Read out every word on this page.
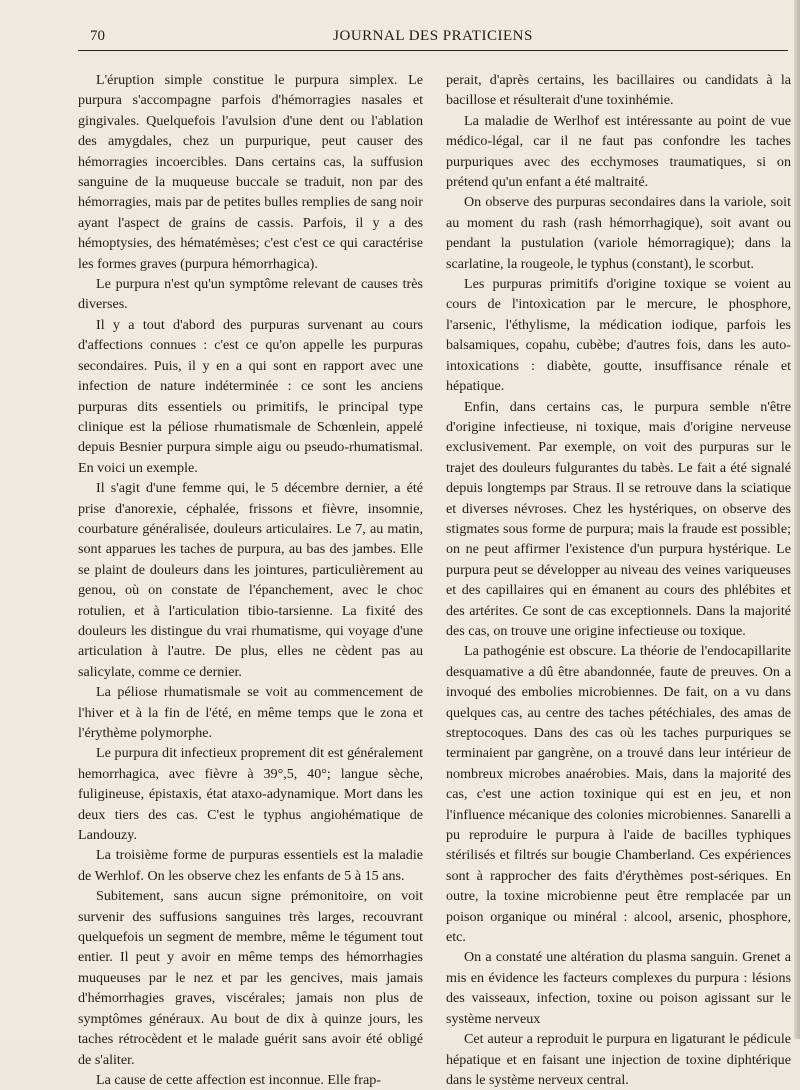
70	JOURNAL DES PRATICIENS

L'éruption simple constitue le purpura simplex. Le purpura s'accompagne parfois d'hémorragies nasales et gingivales. Quelquefois l'avulsion d'une dent ou l'ablation des amygdales, chez un purpurique, peut causer des hémorragies incoercibles. Dans certains cas, la suffusion sanguine de la muqueuse buccale se traduit, non par des hémorragies, mais par de petites bulles remplies de sang noir ayant l'aspect de grains de cassis. Parfois, il y a des hémoptysies, des hématémèses; c'est c'est ce qui caractérise les formes graves (purpura hémorrhagica).

Le purpura n'est qu'un symptôme relevant de causes très diverses.

Il y a tout d'abord des purpuras survenant au cours d'affections connues : c'est ce qu'on appelle les purpuras secondaires. Puis, il y en a qui sont en rapport avec une infection de nature indéterminée : ce sont les anciens purpuras dits essentiels ou primitifs, le principal type clinique est la péliose rhumatismale de Schœnlein, appelé depuis Besnier purpura simple aigu ou pseudo-rhumatismal. En voici un exemple.

Il s'agit d'une femme qui, le 5 décembre dernier, a été prise d'anorexie, céphalée, frissons et fièvre, insomnie, courbature généralisée, douleurs articulaires. Le 7, au matin, sont apparues les taches de purpura, au bas des jambes. Elle se plaint de douleurs dans les jointures, particulièrement au genou, où on constate de l'épanchement, avec le choc rotulien, et à l'articulation tibio-tarsienne. La fixité des douleurs les distingue du vrai rhumatisme, qui voyage d'une articulation à l'autre. De plus, elles ne cèdent pas au salicylate, comme ce dernier.

La péliose rhumatismale se voit au commencement de l'hiver et à la fin de l'été, en même temps que le zona et l'érythème polymorphe.

Le purpura dit infectieux proprement dit est généralement hemorrhagica, avec fièvre à 39°,5, 40°; langue sèche, fuligineuse, épistaxis, état ataxo-adynamique. Mort dans les deux tiers des cas. C'est le typhus angiohématique de Landouzy.

La troisième forme de purpuras essentiels est la maladie de Werhlof. On les observe chez les enfants de 5 à 15 ans.

Subitement, sans aucun signe prémonitoire, on voit survenir des suffusions sanguines très larges, recouvrant quelquefois un segment de membre, même le tégument tout entier. Il peut y avoir en même temps des hémorrhagies muqueuses par le nez et par les gencives, mais jamais d'hémorrhagies graves, viscérales; jamais non plus de symptômes généraux. Au bout de dix à quinze jours, les taches rétrocèdent et le malade guérit sans avoir été obligé de s'aliter.

La cause de cette affection est inconnue. Elle frap-

perait, d'après certains, les bacillaires ou candidats à la bacillose et résulterait d'une toxinhémie.

La maladie de Werlhof est intéressante au point de vue médico-légal, car il ne faut pas confondre les taches purpuriques avec des ecchymoses traumatiques, si on prétend qu'un enfant a été maltraité.

On observe des purpuras secondaires dans la variole, soit au moment du rash (rash hémorrhagique), soit avant ou pendant la pustulation (variole hémorragique); dans la scarlatine, la rougeole, le typhus (constant), le scorbut.

Les purpuras primitifs d'origine toxique se voient au cours de l'intoxication par le mercure, le phosphore, l'arsenic, l'éthylisme, la médication iodique, parfois les balsamiques, copahu, cubèbe; d'autres fois, dans les auto-intoxications : diabète, goutte, insuffisance rénale et hépatique.

Enfin, dans certains cas, le purpura semble n'être d'origine infectieuse, ni toxique, mais d'origine nerveuse exclusivement. Par exemple, on voit des purpuras sur le trajet des douleurs fulgurantes du tabès. Le fait a été signalé depuis longtemps par Straus. Il se retrouve dans la sciatique et diverses névroses. Chez les hystériques, on observe des stigmates sous forme de purpura; mais la fraude est possible; on ne peut affirmer l'existence d'un purpura hystérique. Le purpura peut se développer au niveau des veines variqueuses et des capillaires qui en émanent au cours des phlébites et des artérites. Ce sont de cas exceptionnels. Dans la majorité des cas, on trouve une origine infectieuse ou toxique.

La pathogénie est obscure. La théorie de l'endocapillarite desquamative a dû être abandonnée, faute de preuves. On a invoqué des embolies microbiennes. De fait, on a vu dans quelques cas, au centre des taches pétéchiales, des amas de streptocoques. Dans des cas où les taches purpuriques se terminaient par gangrène, on a trouvé dans leur intérieur de nombreux microbes anaérobies. Mais, dans la majorité des cas, c'est une action toxinique qui est en jeu, et non l'influence mécanique des colonies microbiennes. Sanarelli a pu reproduire le purpura à l'aide de bacilles typhiques stérilisés et filtrés sur bougie Chamberland. Ces expériences sont à rapprocher des faits d'érythèmes post-sériques. En outre, la toxine microbienne peut être remplacée par un poison organique ou minéral : alcool, arsenic, phosphore, etc.

On a constaté une altération du plasma sanguin. Grenet a mis en évidence les facteurs complexes du purpura : lésions des vaisseaux, infection, toxine ou poison agissant sur le système nerveux

Cet auteur a reproduit le purpura en ligaturant le pédicule hépatique et en faisant une injection de toxine diphtérique dans le système nerveux central.
